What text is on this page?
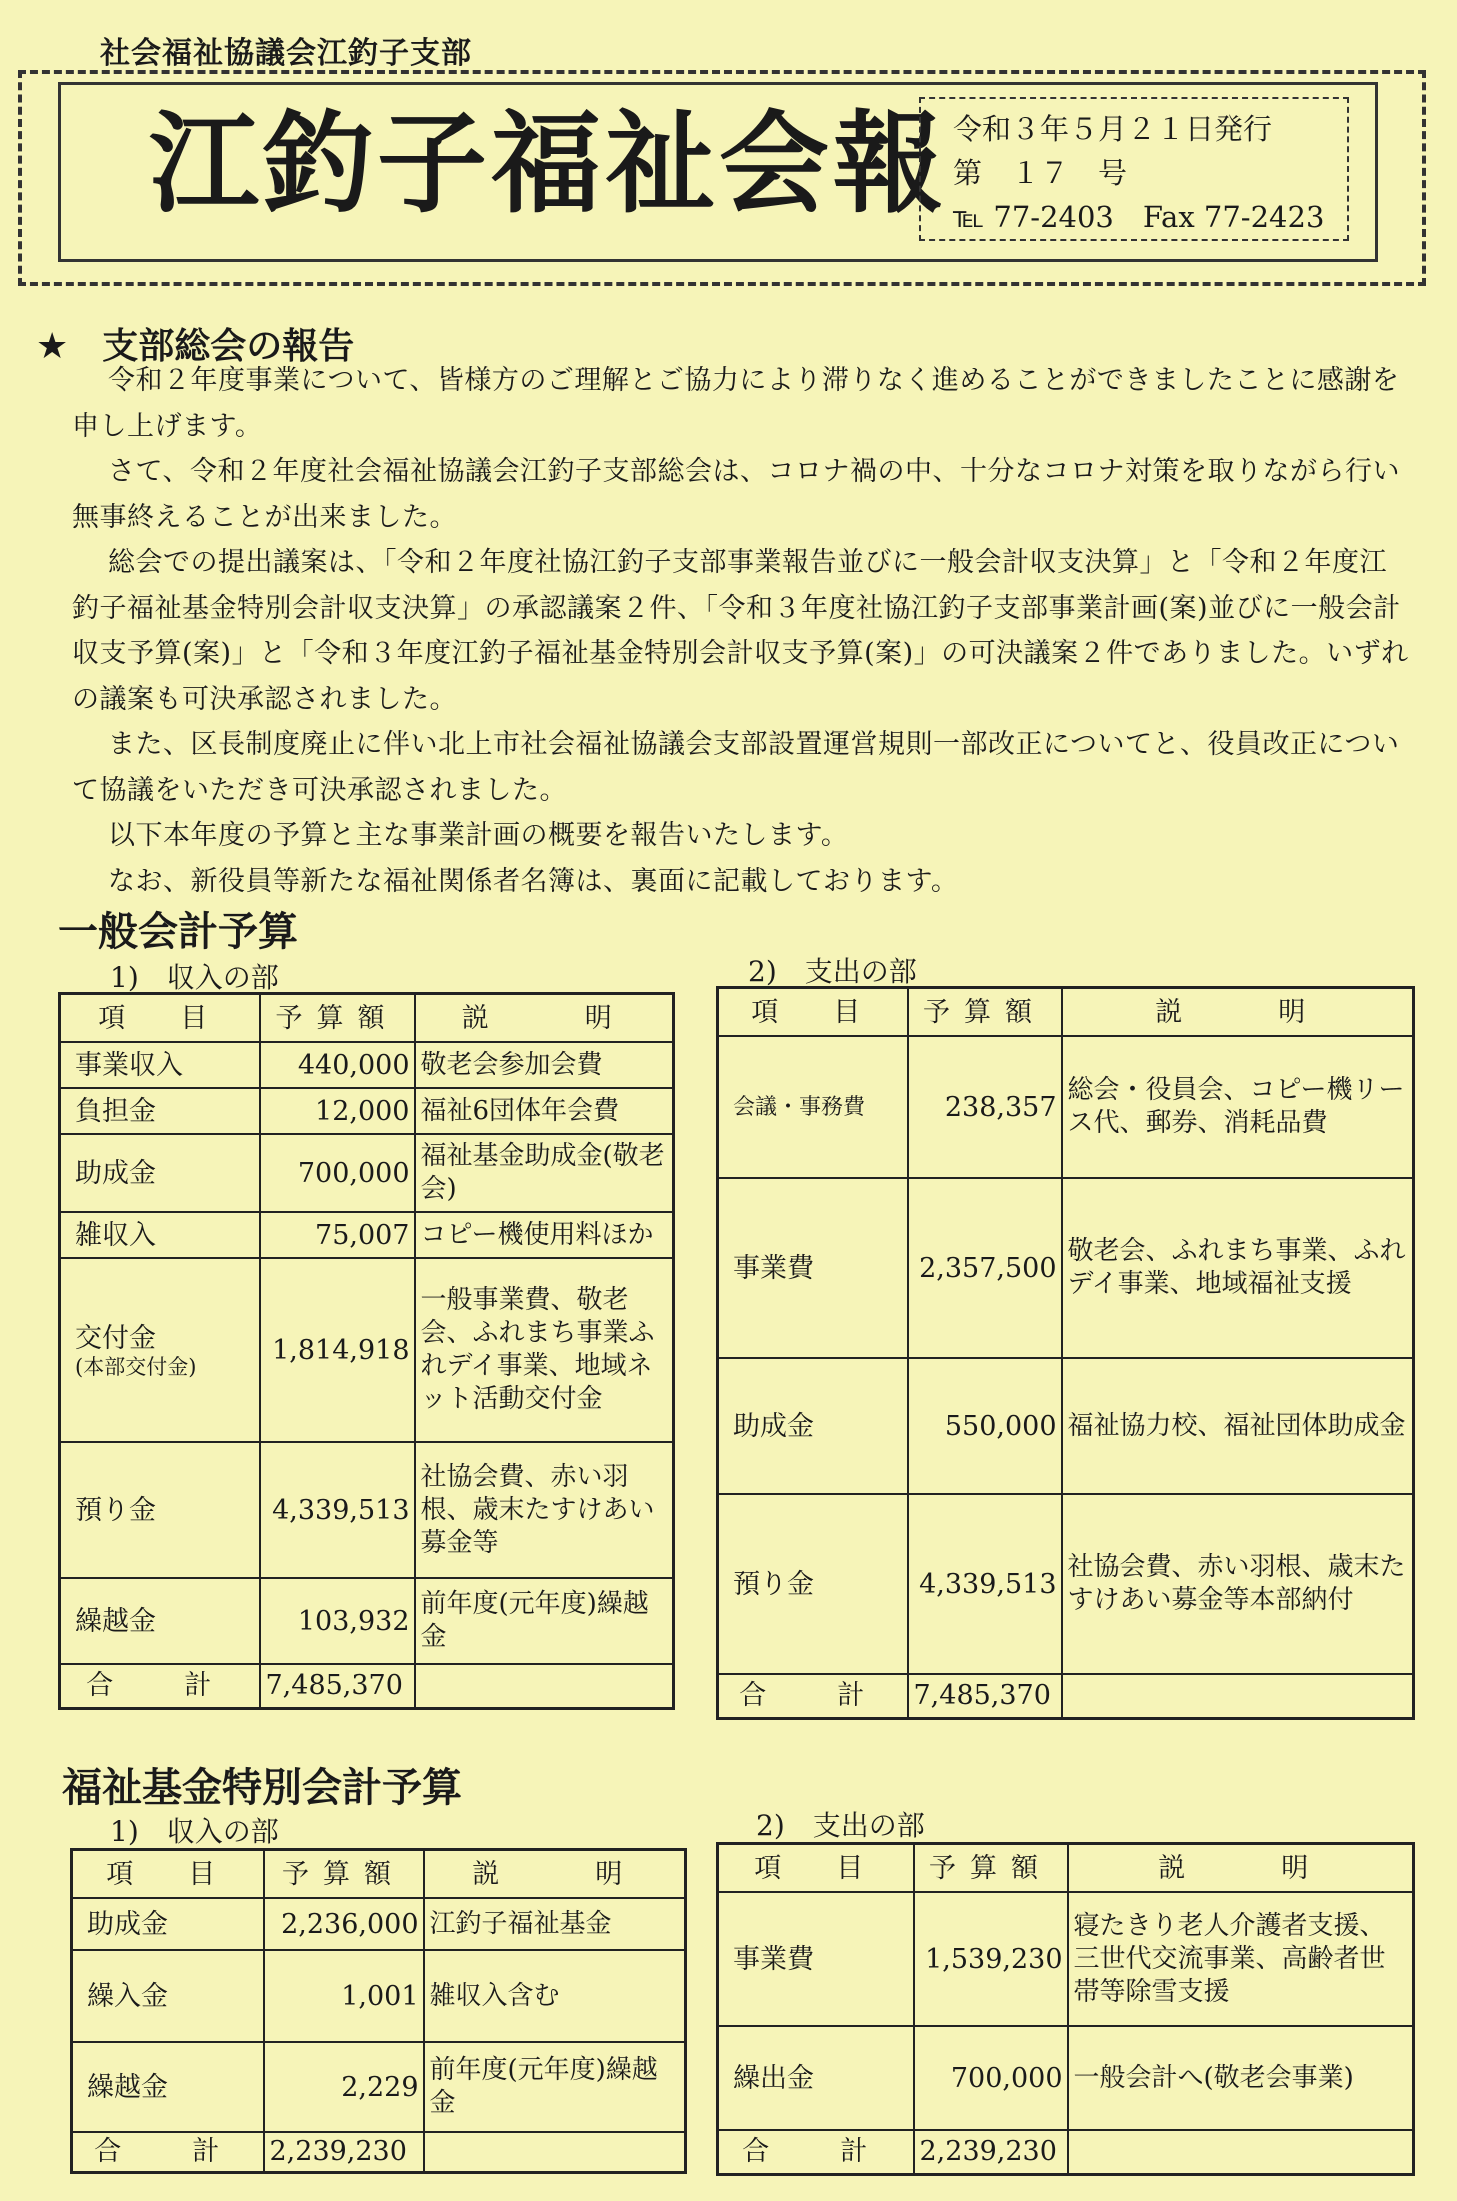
社会福祉協議会江釣子支部
江釣子福祉会報 令和３年５月２１日発行
第　１７　号
℡ 77-2403　Fax 77-2423
★ 支部総会の報告

令和２年度事業について、皆様方のご理解とご協力により滞りなく進めることができましたことに感謝を申し上げます。

さて、令和２年度社会福祉協議会江釣子支部総会は、コロナ禍の中、十分なコロナ対策を取りながら行い無事終えることが出来ました。

総会での提出議案は、「令和２年度社協江釣子支部事業報告並びに一般会計収支決算」と「令和２年度江釣子福祉基金特別会計収支決算」の承認議案２件、「令和３年度社協江釣子支部事業計画(案)並びに一般会計収支予算(案)」と「令和３年度江釣子福祉基金特別会計収支予算(案)」の可決議案２件でありました。いずれの議案も可決承認されました。

また、区長制度廃止に伴い北上市社会福祉協議会支部設置運営規則一部改正についてと、役員改正について協議をいただき可決承認されました。

以下本年度の予算と主な事業計画の概要を報告いたします。

なお、新役員等新たな福祉関係者名簿は、裏面に記載しております。

一般会計予算
1)　収入の部	2)　支出の部
項　目	予算額	説　　明
事業収入	440,000	敬老会参加会費
負担金	12,000	福祉6団体年会費
助成金	700,000	福祉基金助成金(敬老会)
雑収入	75,007	コピー機使用料ほか
交付金
(本部交付金)	1,814,918	一般事業費、敬老会、ふれまち事業ふれデイ事業、地域ネット活動交付金
預り金	4,339,513	社協会費、赤い羽根、歳末たすけあい募金等
繰越金	103,932	前年度(元年度)繰越金
合　計	7,485,370	
項　目	予算額	説　　明
会議・事務費	238,357	総会・役員会、コピー機リース代、郵券、消耗品費
事業費	2,357,500	敬老会、ふれまち事業、ふれデイ事業、地域福祉支援
助成金	550,000	福祉協力校、福祉団体助成金
預り金	4,339,513	社協会費、赤い羽根、歳末たすけあい募金等本部納付
合　計	7,485,370	
福祉基金特別会計予算
1)　収入の部	2)　支出の部
項　目	予算額	説　　明
助成金	2,236,000	江釣子福祉基金
繰入金	1,001	雑収入含む
繰越金	2,229	前年度(元年度)繰越金
合　計	2,239,230	
項　目	予算額	説　　明
事業費	1,539,230	寝たきり老人介護者支援、三世代交流事業、高齢者世帯等除雪支援
繰出金	700,000	一般会計へ(敬老会事業)
合　計	2,239,230	
